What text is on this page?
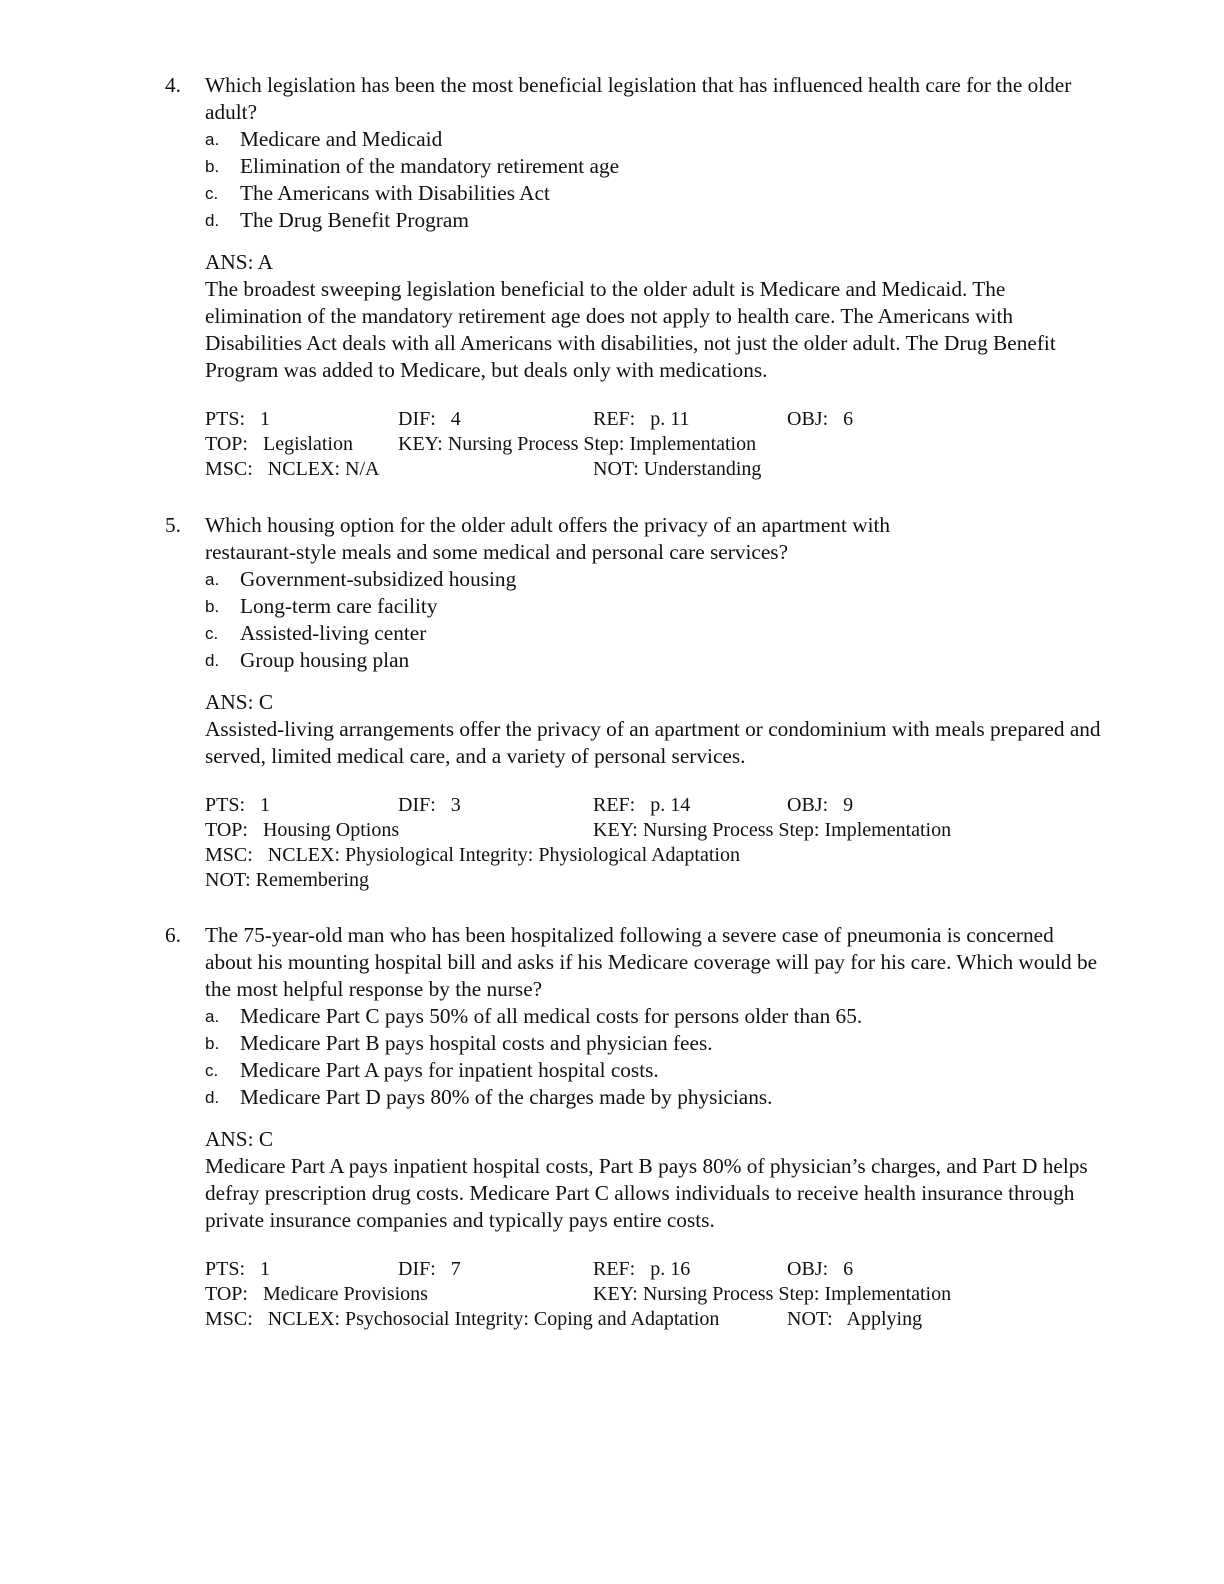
4.	Which legislation has been the most beneficial legislation that has influenced health care for the older adult?
a. Medicare and Medicaid
b. Elimination of the mandatory retirement age
c.	The Americans with Disabilities Act
d. The Drug Benefit Program
ANS: A
The broadest sweeping legislation beneficial to the older adult is Medicare and Medicaid. The elimination of the mandatory retirement age does not apply to health care. The Americans with Disabilities Act deals with all Americans with disabilities, not just the older adult. The Drug Benefit Program was added to Medicare, but deals only with medications.
PTS:   1	DIF:   4	REF:   p. 11	OBJ:   6
TOP:   Legislation KEY: Nursing Process Step: Implementation
MSC:   NCLEX: N/A	NOT: Understanding
5.	Which housing option for the older adult offers the privacy of an apartment with restaurant-style meals and some medical and personal care services?
a. Government-subsidized housing
b. Long-term care facility
c.	Assisted-living center
d. Group housing plan
ANS: C
Assisted-living arrangements offer the privacy of an apartment or condominium with meals prepared and served, limited medical care, and a variety of personal services.
PTS:   1	DIF:   3	REF:   p. 14	OBJ:   9
TOP:   Housing Options	KEY: Nursing Process Step: Implementation
MSC:   NCLEX: Physiological Integrity: Physiological Adaptation
NOT: Remembering
6.	The 75-year-old man who has been hospitalized following a severe case of pneumonia is concerned about his mounting hospital bill and asks if his Medicare coverage will pay for his care. Which would be the most helpful response by the nurse?
a. Medicare Part C pays 50% of all medical costs for persons older than 65.
b. Medicare Part B pays hospital costs and physician fees.
c.	Medicare Part A pays for inpatient hospital costs.
d. Medicare Part D pays 80% of the charges made by physicians.
ANS: C
Medicare Part A pays inpatient hospital costs, Part B pays 80% of physician’s charges, and Part D helps defray prescription drug costs. Medicare Part C allows individuals to receive health insurance through private insurance companies and typically pays entire costs.
PTS:   1	DIF:   7	REF:   p. 16	OBJ:   6
TOP:   Medicare Provisions	KEY: Nursing Process Step: Implementation
MSC:   NCLEX: Psychosocial Integrity: Coping and Adaptation	NOT:   Applying
